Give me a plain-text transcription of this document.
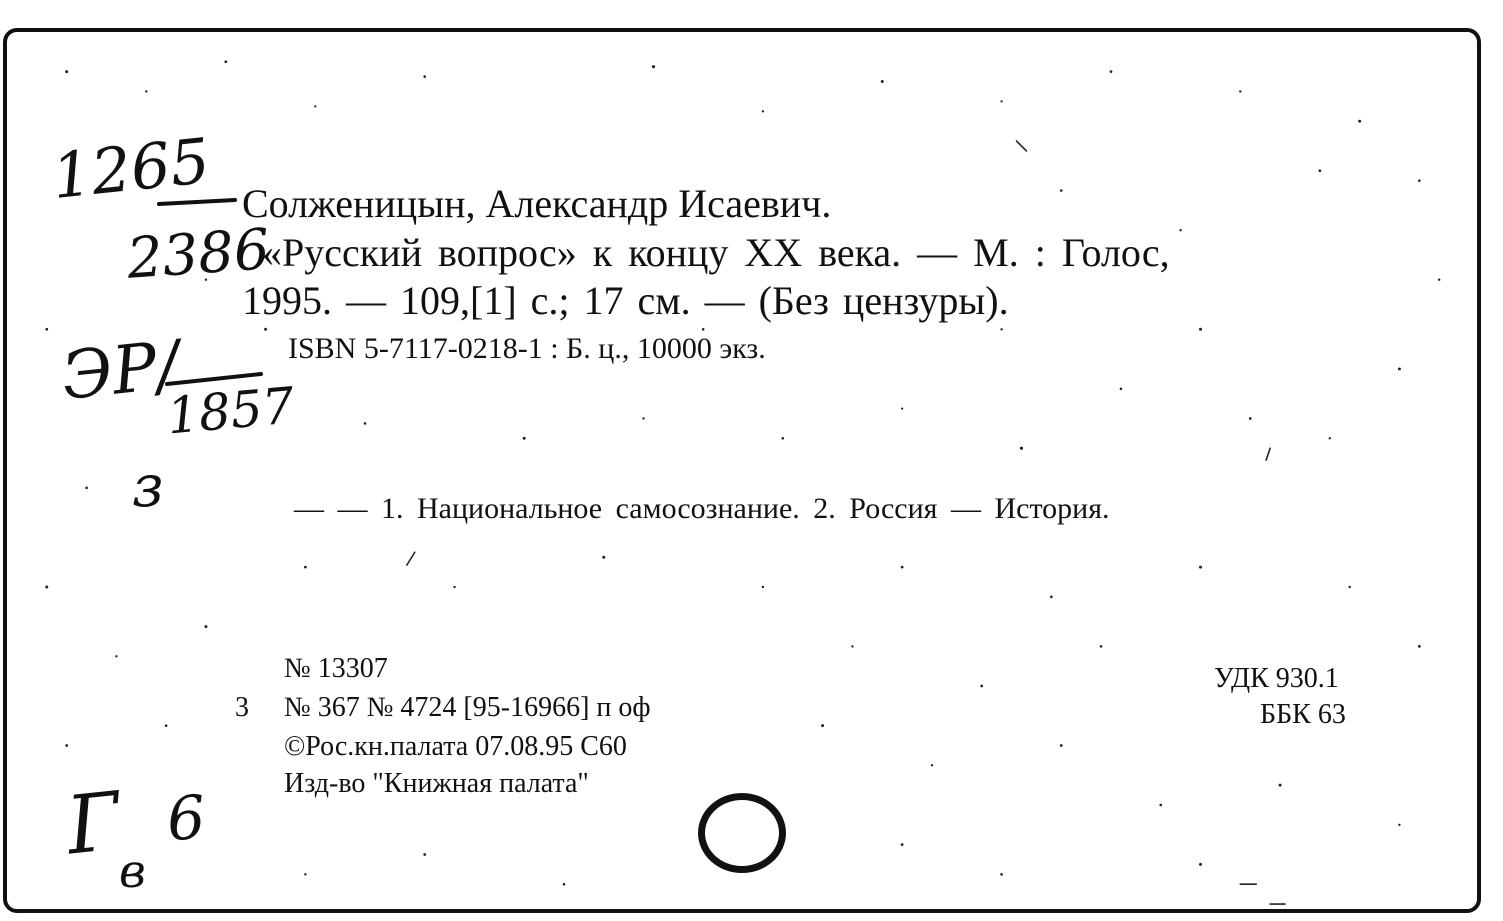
Солженицын, Александр Исаевич.
«Русский вопрос» к концу XX века. — М. : Голос,
1995. — 109,[1] с.; 17 см. — (Без цензуры).
ISBN 5-7117-0218-1 : Б. ц., 10000 экз.
— — 1. Национальное самосознание. 2. Россия — История.
№ 13307
3 № 367 № 4724 [95-16966] п оф
©Рос.кн.палата 07.08.95 С60
Изд-во "Книжная палата"
УДК 930.1
ББК 63
1265
2386
ЭР/
1857
з
Г
в
6
